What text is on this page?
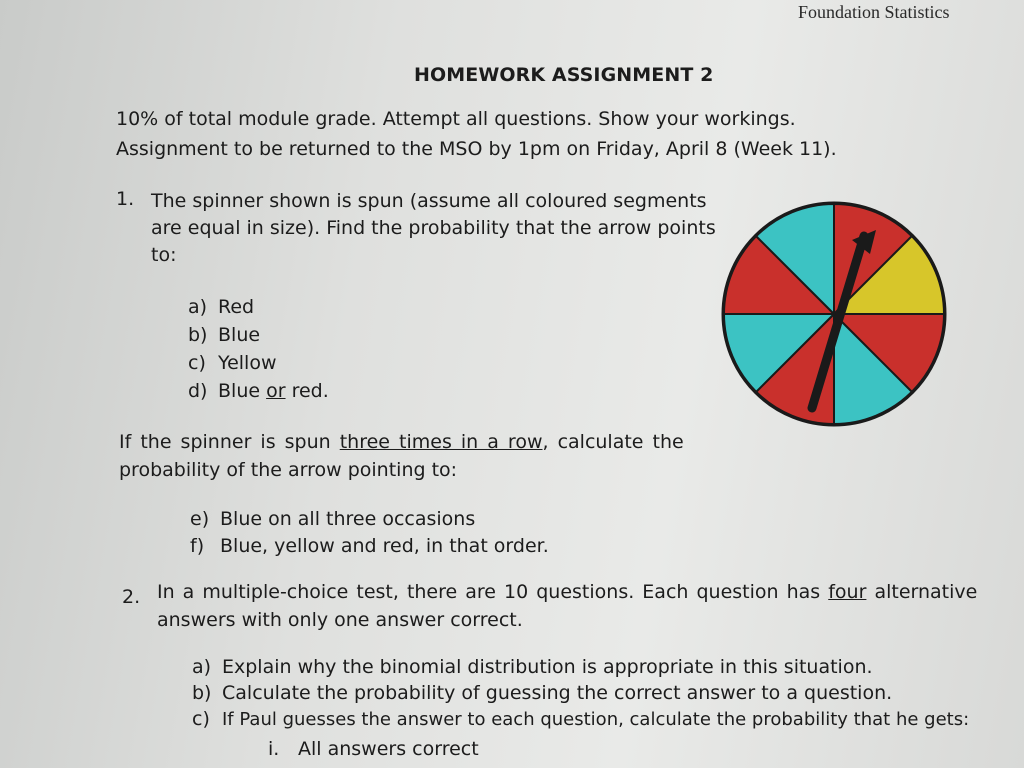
Foundation Statistics
HOMEWORK ASSIGNMENT 2
10% of total module grade. Attempt all questions. Show your workings.
Assignment to be returned to the MSO by 1pm on Friday, April 8 (Week 11).
1. The spinner shown is spun (assume all coloured segments
are equal in size). Find the probability that the arrow points
to:
a) Red
b) Blue
c) Yellow
d) Blue or red.
If the spinner is spun three times in a row, calculate the
probability of the arrow pointing to:
e) Blue on all three occasions
f) Blue, yellow and red, in that order.
2. In a multiple-choice test, there are 10 questions. Each question has four alternative
answers with only one answer correct.
a) Explain why the binomial distribution is appropriate in this situation.
b) Calculate the probability of guessing the correct answer to a question.
c) If Paul guesses the answer to each question, calculate the probability that he gets:
i. All answers correct
